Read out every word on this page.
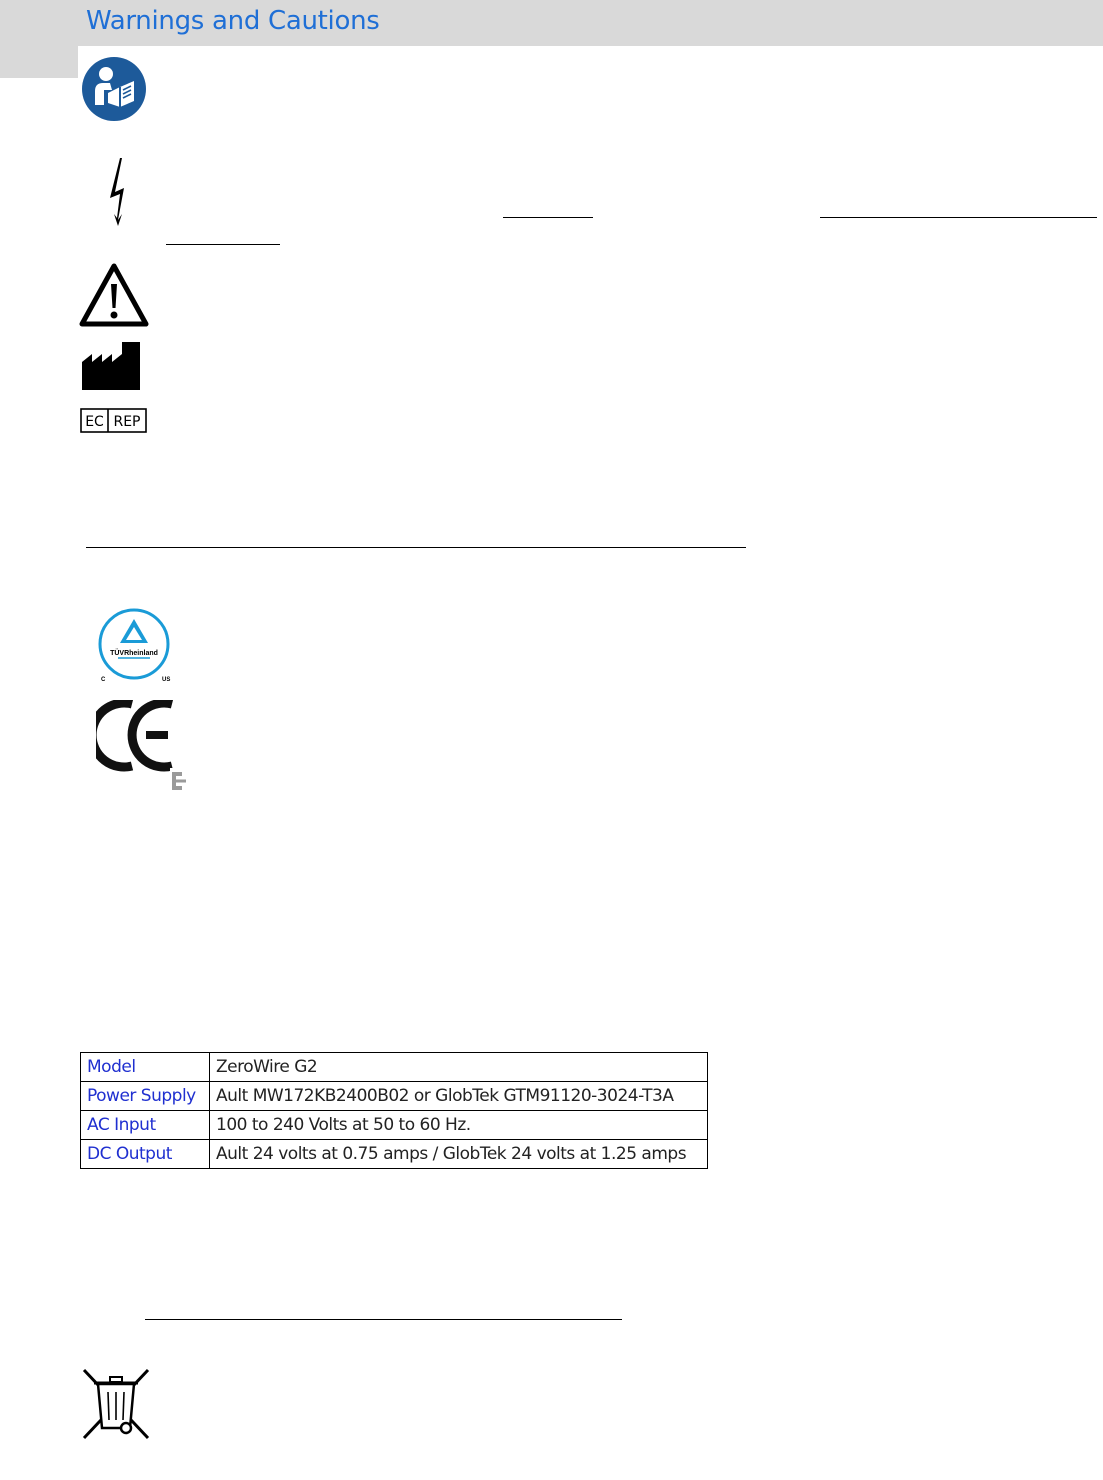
Warnings and Cautions
EC REP
TÜVRheinland
C	US
Model	ZeroWire G2
Power Supply	Ault MW172KB2400B02 or GlobTek GTM91120-3024-T3A
AC Input	100 to 240 Volts at 50 to 60 Hz.
DC Output	Ault 24 volts at 0.75 amps / GlobTek 24 volts at 1.25 amps
